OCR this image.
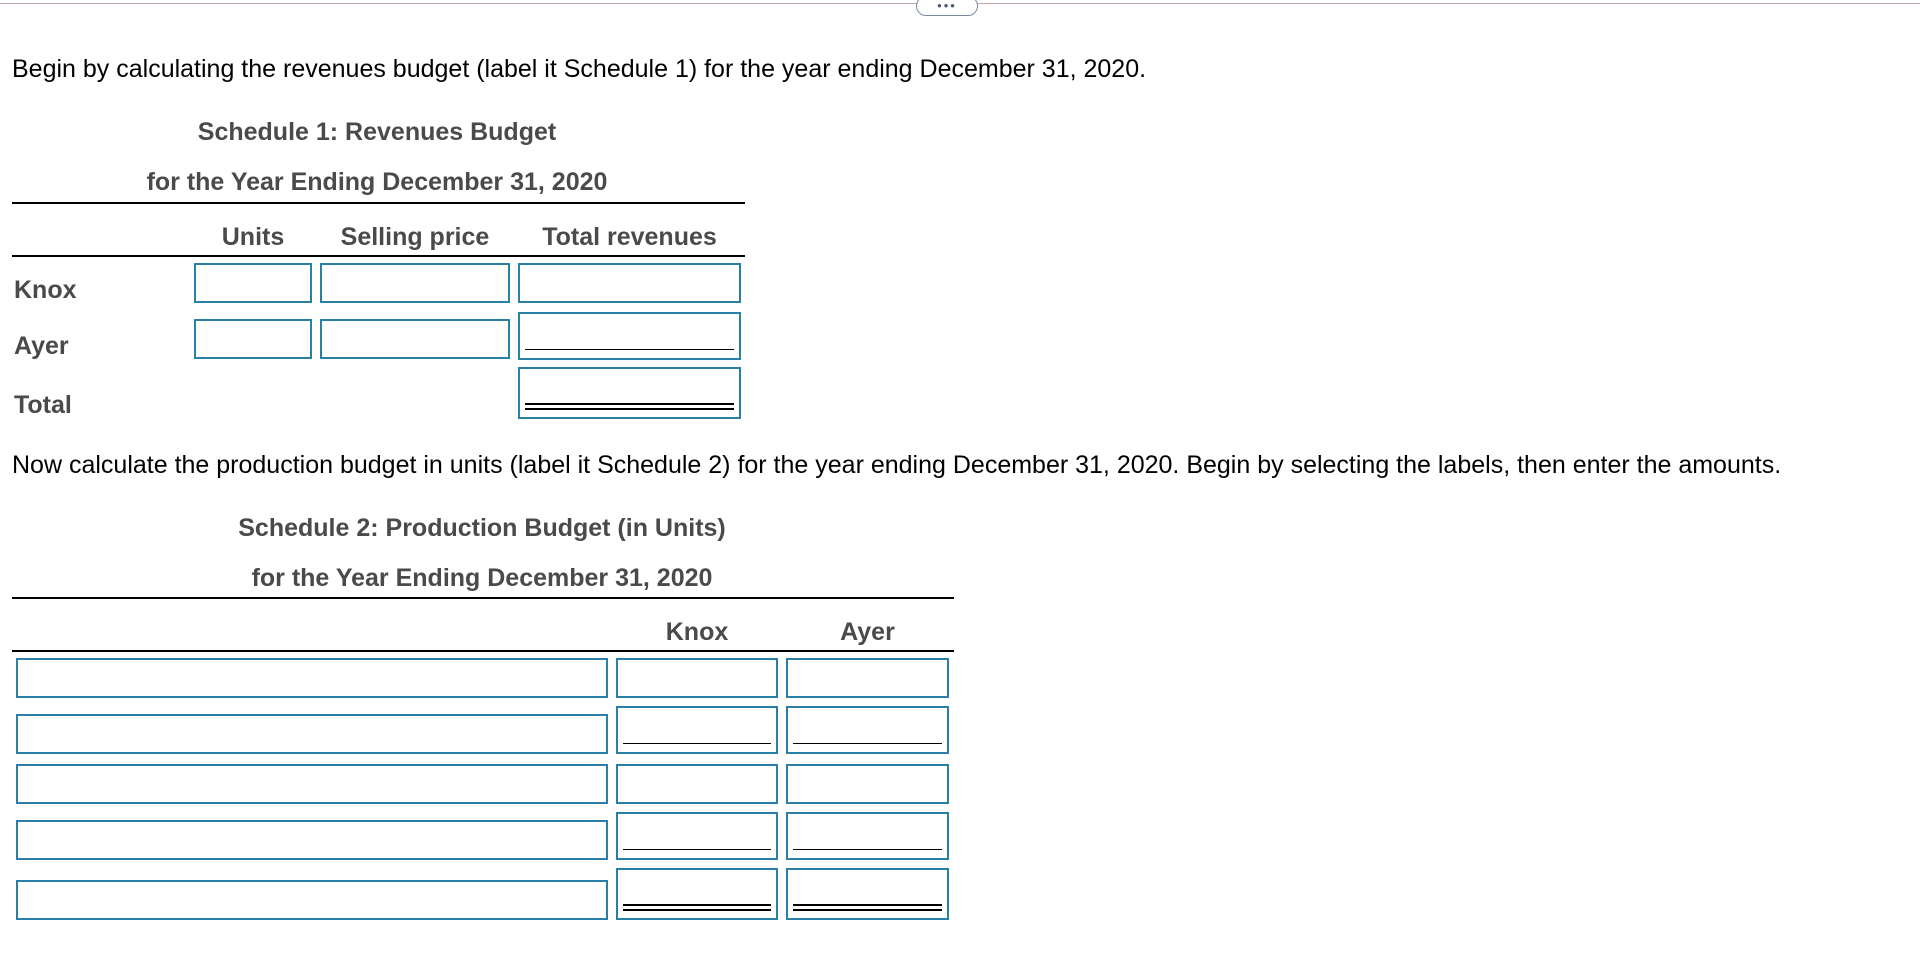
•••
Begin by calculating the revenues budget (label it Schedule 1) for the year ending December 31, 2020.
Schedule 1: Revenues Budget
for the Year Ending December 31, 2020
Units	Selling price	Total revenues
Knox
Ayer
Total
Now calculate the production budget in units (label it Schedule 2) for the year ending December 31, 2020. Begin by selecting the labels, then enter the amounts.
Schedule 2: Production Budget (in Units)
for the Year Ending December 31, 2020
Knox	Ayer
